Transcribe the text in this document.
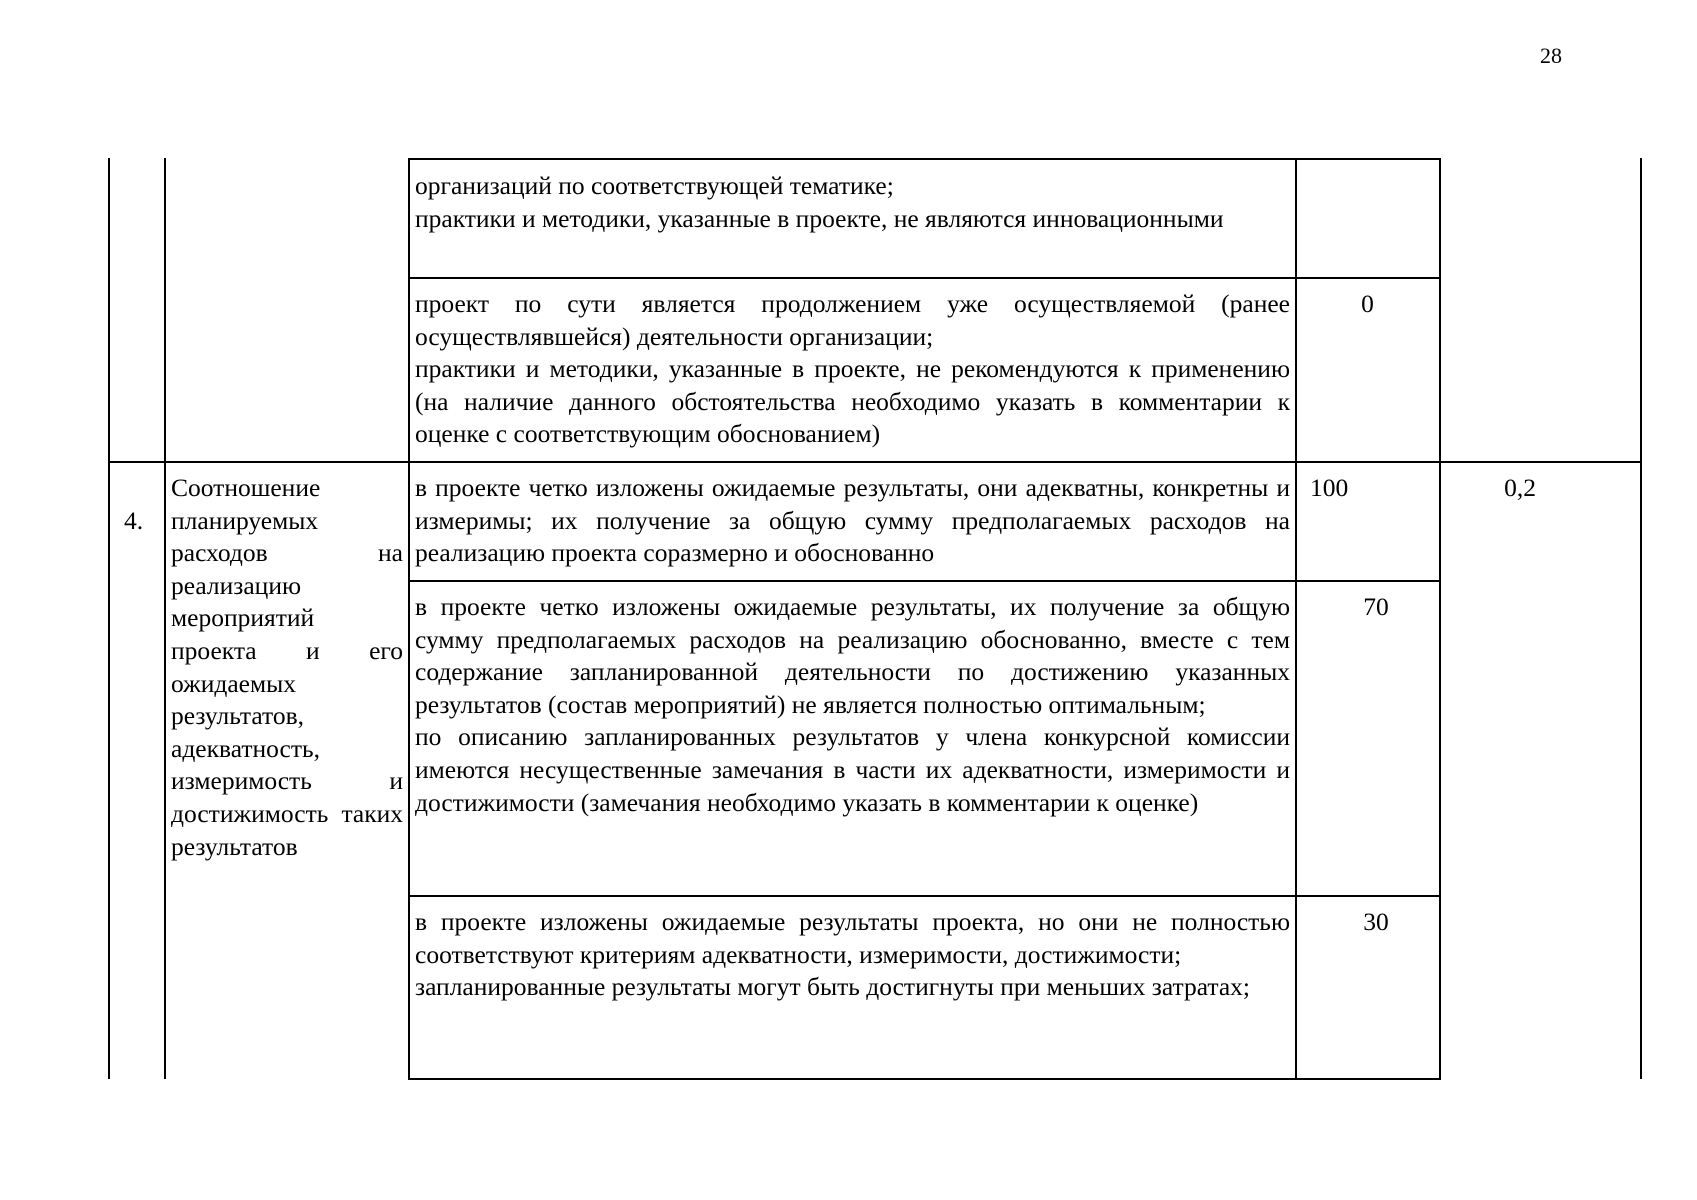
28

организаций по соответствующей тематике;

практики и методики, указанные в проекте, не являются инновационными

проект по сути является продолжением уже осуществляемой (ранее осуществлявшейся) деятельности организации;

практики и методики, указанные в проекте, не рекомендуются к применению (на наличие данного обстоятельства необходимо указать в комментарии к оценке с соответствующим обоснованием)

0
4.
Соотношение планируемых расходов на реализацию мероприятий проекта и его ожидаемых результатов, адекватность, измеримость и достижимость таких результатов
0,2

в проекте четко изложены ожидаемые результаты, они адекватны, конкретны и измеримы; их получение за общую сумму предполагаемых расходов на реализацию проекта соразмерно и обоснованно

100

в проекте четко изложены ожидаемые результаты, их получение за общую сумму предполагаемых расходов на реализацию обоснованно, вместе с тем содержание запланированной деятельности по достижению указанных результатов (состав мероприятий) не является полностью оптимальным;

по описанию запланированных результатов у члена конкурсной комиссии имеются несущественные замечания в части их адекватности, измеримости и достижимости (замечания необходимо указать в комментарии к оценке)

70

в проекте изложены ожидаемые результаты проекта, но они не полностью соответствуют критериям адекватности, измеримости, достижимости;

запланированные результаты могут быть достигнуты при меньших затратах;

30
